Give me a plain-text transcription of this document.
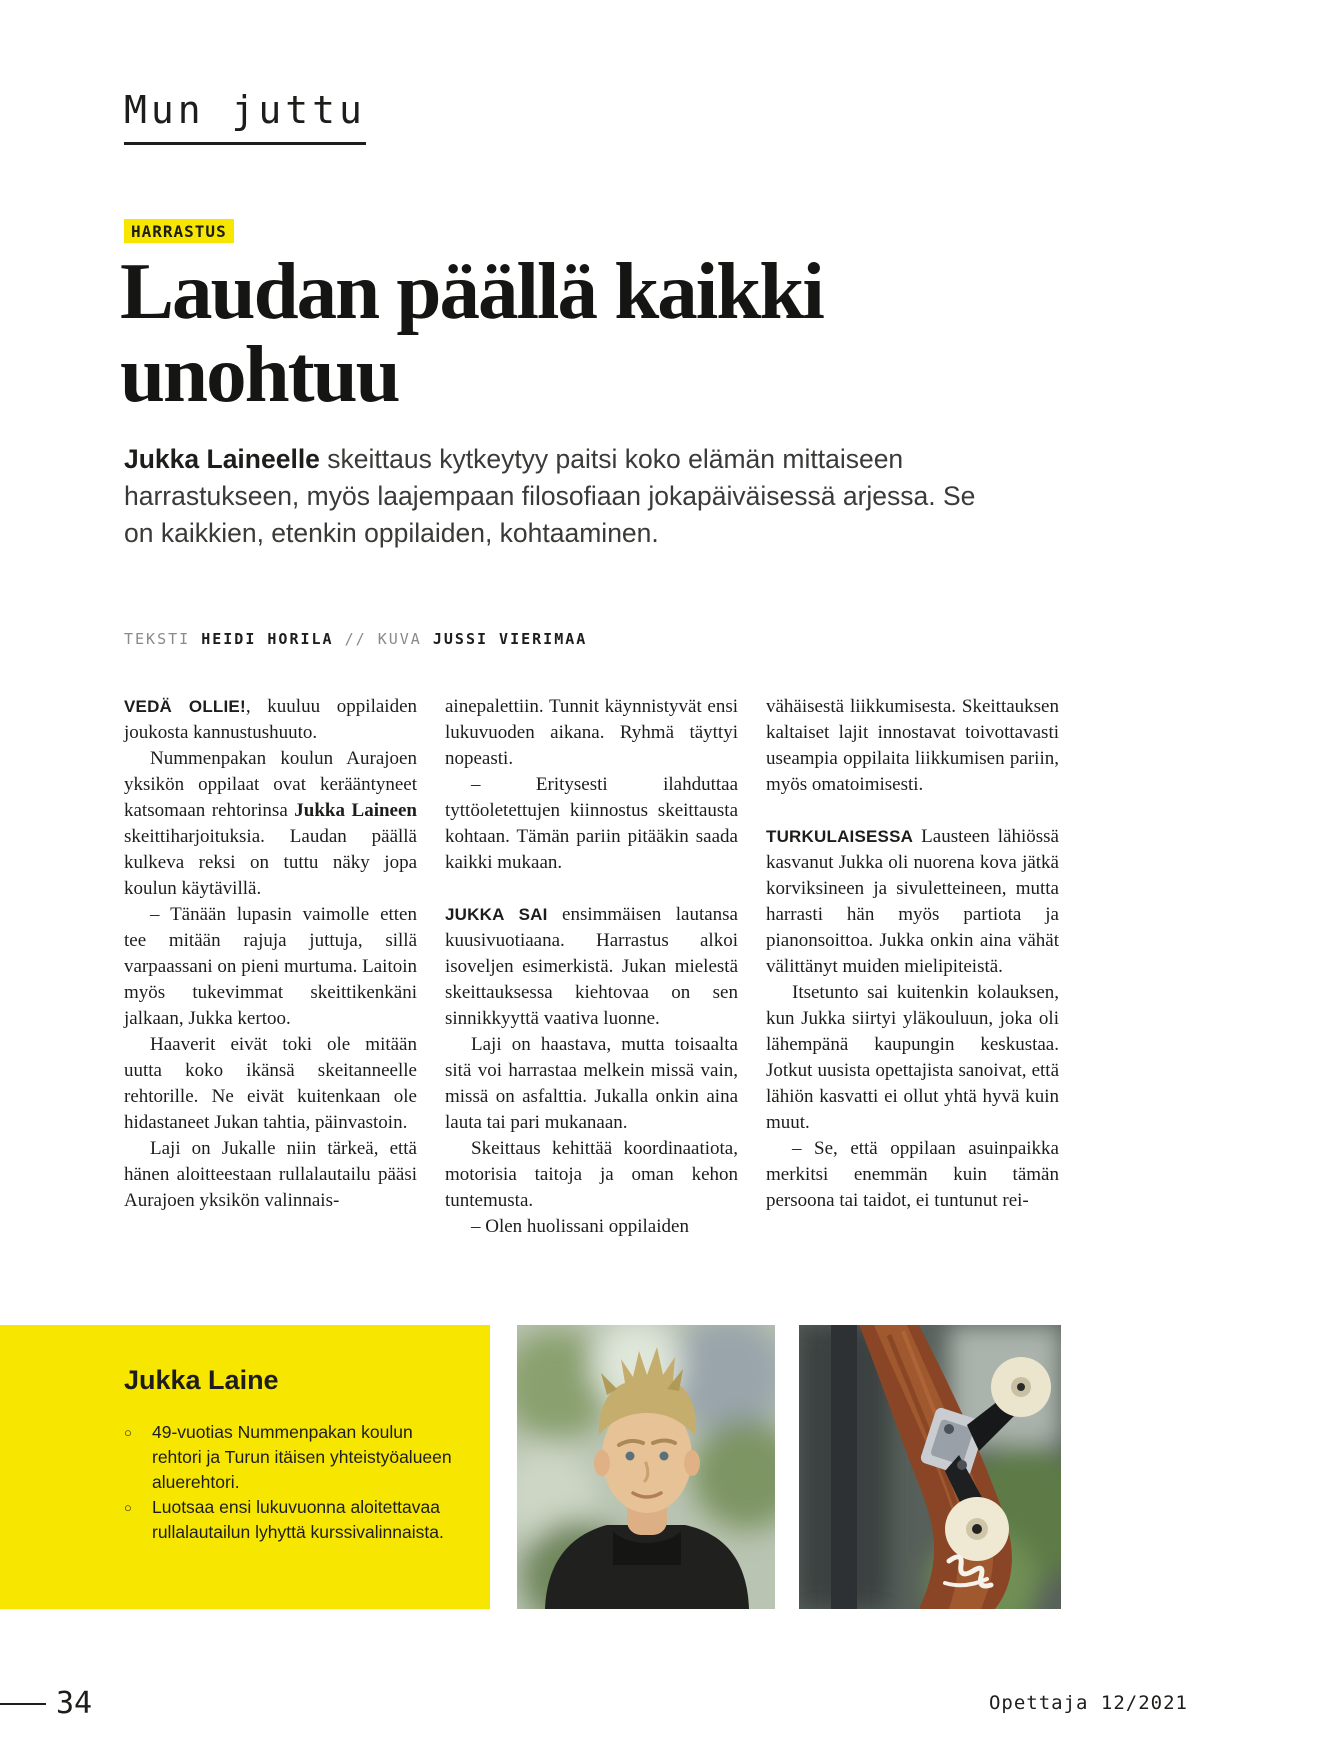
Mun juttu
HARRASTUS
Laudan päällä kaikki unohtuu

Jukka Laineelle skeittaus kytkeytyy paitsi koko elämän mittaiseen harrastukseen, myös laajempaan filosofiaan jokapäiväisessä arjessa. Se on kaikkien, etenkin oppilaiden, kohtaaminen.

TEKSTI HEIDI HORILA // KUVA JUSSI VIERIMAA

VEDÄ OLLIE!, kuuluu oppilaiden joukosta kannustushuuto.

Nummenpakan koulun Aurajoen yksikön oppilaat ovat kerääntyneet katsomaan rehtorinsa Jukka Laineen skeittiharjoituksia. Laudan päällä kulkeva reksi on tuttu näky jopa koulun käytävillä.

– Tänään lupasin vaimolle etten tee mitään rajuja juttuja, sillä varpaassani on pieni murtuma. Laitoin myös tukevimmat skeittikenkäni jalkaan, Jukka kertoo.

Haaverit eivät toki ole mitään uutta koko ikänsä skeitanneelle rehtorille. Ne eivät kuitenkaan ole hidastaneet Jukan tahtia, päinvastoin.

Laji on Jukalle niin tärkeä, että hänen aloitteestaan rullalautailu pääsi Aurajoen yksikön valinnais-

ainepalettiin. Tunnit käynnistyvät ensi lukuvuoden aikana. Ryhmä täyttyi nopeasti.

– Eritysesti ilahduttaa tyttöoletettujen kiinnostus skeittausta kohtaan. Tämän pariin pitääkin saada kaikki mukaan.

JUKKA SAI ensimmäisen lautansa kuusivuotiaana. Harrastus alkoi isoveljen esimerkistä. Jukan mielestä skeittauksessa kiehtovaa on sen sinnikkyyttä vaativa luonne.

Laji on haastava, mutta toisaalta sitä voi harrastaa melkein missä vain, missä on asfalttia. Jukalla onkin aina lauta tai pari mukanaan.

Skeittaus kehittää koordinaatiota, motorisia taitoja ja oman kehon tuntemusta.

– Olen huolissani oppilaiden

vähäisestä liikkumisesta. Skeittauksen kaltaiset lajit innostavat toivottavasti useampia oppilaita liikkumisen pariin, myös omatoimisesti.

TURKULAISESSA Lausteen lähiössä kasvanut Jukka oli nuorena kova jätkä korviksineen ja sivuletteineen, mutta harrasti hän myös partiota ja pianonsoittoa. Jukka onkin aina vähät välittänyt muiden mielipiteistä.

Itsetunto sai kuitenkin kolauksen, kun Jukka siirtyi yläkouluun, joka oli lähempänä kaupungin keskustaa. Jotkut uusista opettajista sanoivat, että lähiön kasvatti ei ollut yhtä hyvä kuin muut.

– Se, että oppilaan asuinpaikka merkitsi enemmän kuin tämän persoona tai taidot, ei tuntunut rei-

Jukka Laine
○	49-vuotias Nummenpakan koulun rehtori ja Turun itäisen yhteistyöalueen aluerehtori.
○	Luotsaa ensi lukuvuonna aloitettavaa rullalautailun lyhyttä kurssivalinnaista.
34	Opettaja 12/2021
